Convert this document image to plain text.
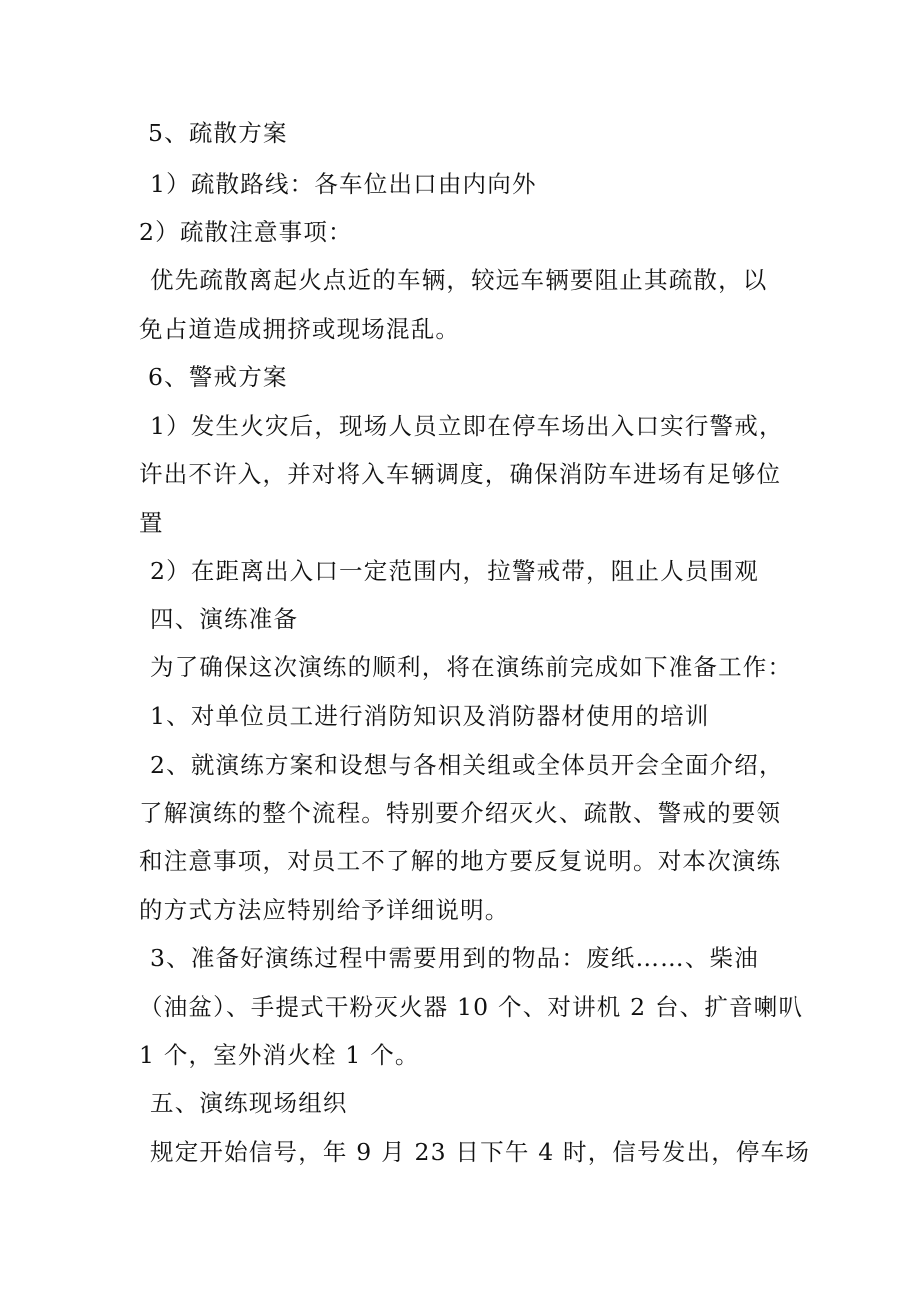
5、疏散方案
1）疏散路线：各车位出口由内向外
2）疏散注意事项：
优先疏散离起火点近的车辆，较远车辆要阻止其疏散，以
免占道造成拥挤或现场混乱。
6、警戒方案
1）发生火灾后，现场人员立即在停车场出入口实行警戒，
许出不许入，并对将入车辆调度，确保消防车进场有足够位
置
2）在距离出入口一定范围内，拉警戒带，阻止人员围观
四、演练准备
为了确保这次演练的顺利，将在演练前完成如下准备工作：
1、对单位员工进行消防知识及消防器材使用的培训
2、就演练方案和设想与各相关组或全体员开会全面介绍，
了解演练的整个流程。特别要介绍灭火、疏散、警戒的要领
和注意事项，对员工不了解的地方要反复说明。对本次演练
的方式方法应特别给予详细说明。
3、准备好演练过程中需要用到的物品：废纸……、柴油
（油盆）、手提式干粉灭火器 10 个、对讲机 2 台、扩音喇叭
1 个，室外消火栓 1 个。
五、演练现场组织
规定开始信号，年 9 月 23 日下午 4 时，信号发出，停车场
